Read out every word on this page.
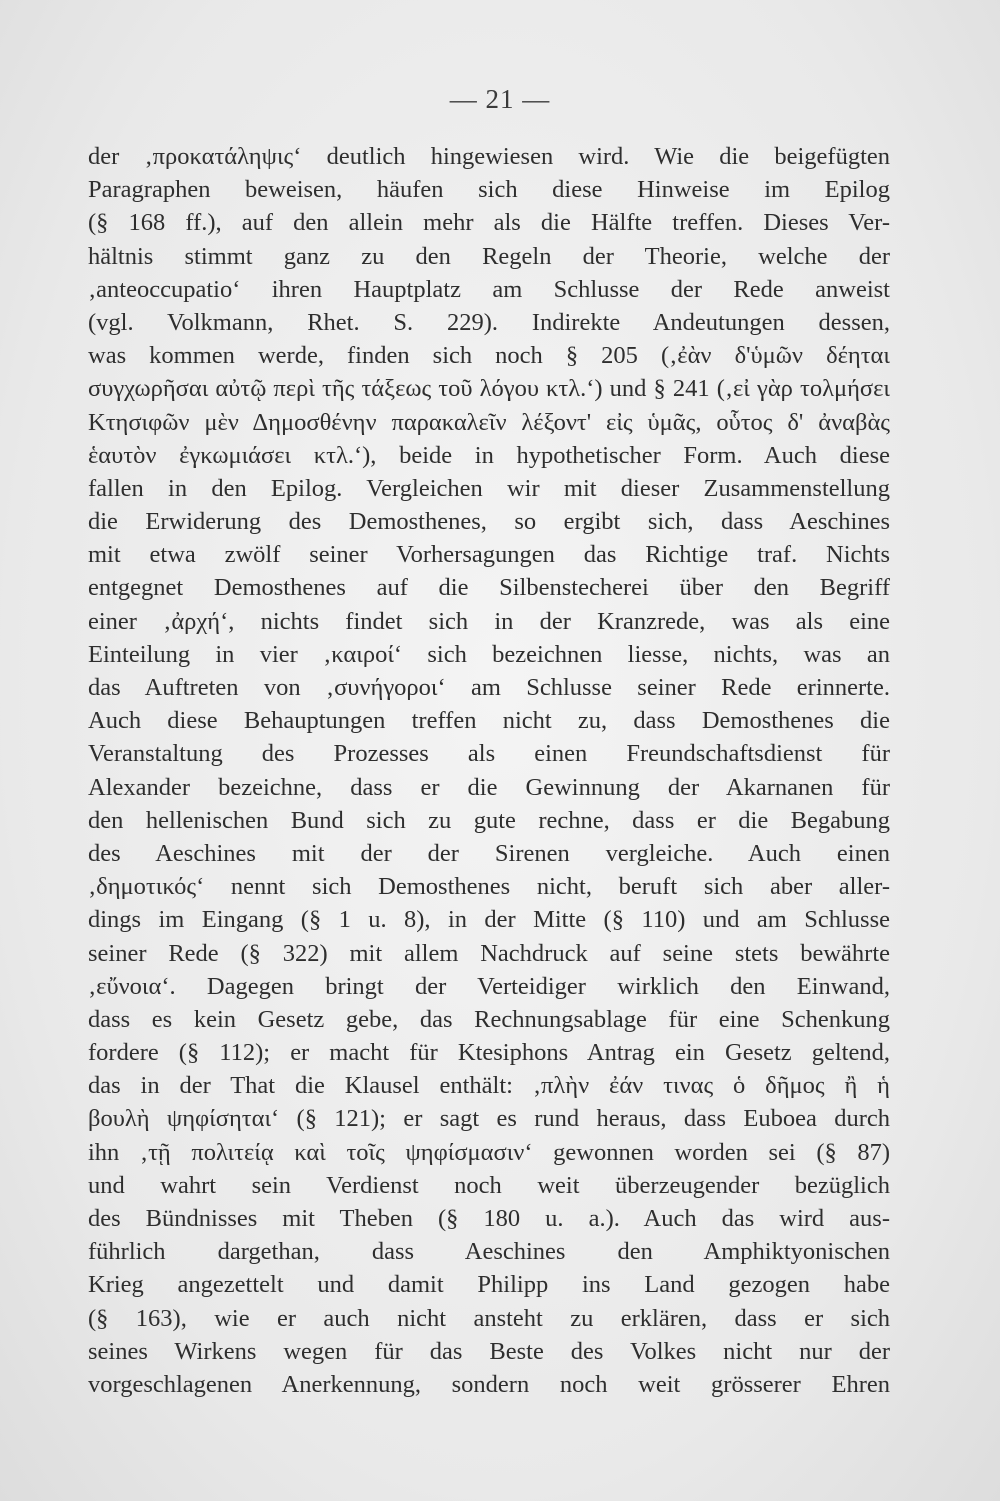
— 21 —
der ‚προκατάληψις‘ deutlich hingewiesen wird. Wie die beigefügten
Paragraphen beweisen, häufen sich diese Hinweise im Epilog
(§ 168 ff.), auf den allein mehr als die Hälfte treffen. Dieses Ver-
hältnis stimmt ganz zu den Regeln der Theorie, welche der
‚anteoccupatio‘ ihren Hauptplatz am Schlusse der Rede anweist
(vgl. Volkmann, Rhet. S. 229). Indirekte Andeutungen dessen,
was kommen werde, finden sich noch § 205 (‚ἐὰν δ'ὑμῶν δέηται
συγχωρῆσαι αὐτῷ περὶ τῆς τάξεως τοῦ λόγου κτλ.‘) und § 241 (‚εἰ γὰρ τολμήσει
Κτησιφῶν μὲν Δημοσθένην παρακαλεῖν λέξοντ' εἰς ὑμᾶς, οὗτος δ' ἀναβὰς
ἑαυτὸν ἐγκωμιάσει κτλ.‘), beide in hypothetischer Form. Auch diese
fallen in den Epilog. Vergleichen wir mit dieser Zusammenstellung
die Erwiderung des Demosthenes, so ergibt sich, dass Aeschines
mit etwa zwölf seiner Vorhersagungen das Richtige traf. Nichts
entgegnet Demosthenes auf die Silbenstecherei über den Begriff
einer ‚ἀρχή‘, nichts findet sich in der Kranzrede, was als eine
Einteilung in vier ‚καιροί‘ sich bezeichnen liesse, nichts, was an
das Auftreten von ‚συνήγοροι‘ am Schlusse seiner Rede erinnerte.
Auch diese Behauptungen treffen nicht zu, dass Demosthenes die
Veranstaltung des Prozesses als einen Freundschaftsdienst für
Alexander bezeichne, dass er die Gewinnung der Akarnanen für
den hellenischen Bund sich zu gute rechne, dass er die Begabung
des Aeschines mit der der Sirenen vergleiche. Auch einen
‚δημοτικός‘ nennt sich Demosthenes nicht, beruft sich aber aller-
dings im Eingang (§ 1 u. 8), in der Mitte (§ 110) und am Schlusse
seiner Rede (§ 322) mit allem Nachdruck auf seine stets bewährte
‚εὔνοια‘. Dagegen bringt der Verteidiger wirklich den Einwand,
dass es kein Gesetz gebe, das Rechnungsablage für eine Schenkung
fordere (§ 112); er macht für Ktesiphons Antrag ein Gesetz geltend,
das in der That die Klausel enthält: ‚πλὴν ἐάν τινας ὁ δῆμος ἢ ἡ
βουλὴ ψηφίσηται‘ (§ 121); er sagt es rund heraus, dass Euboea durch
ihn ‚τῇ πολιτείᾳ καὶ τοῖς ψηφίσμασιν‘ gewonnen worden sei (§ 87)
und wahrt sein Verdienst noch weit überzeugender bezüglich
des Bündnisses mit Theben (§ 180 u. a.). Auch das wird aus-
führlich dargethan, dass Aeschines den Amphiktyonischen
Krieg angezettelt und damit Philipp ins Land gezogen habe
(§ 163), wie er auch nicht ansteht zu erklären, dass er sich
seines Wirkens wegen für das Beste des Volkes nicht nur der
vorgeschlagenen Anerkennung, sondern noch weit grösserer Ehren
